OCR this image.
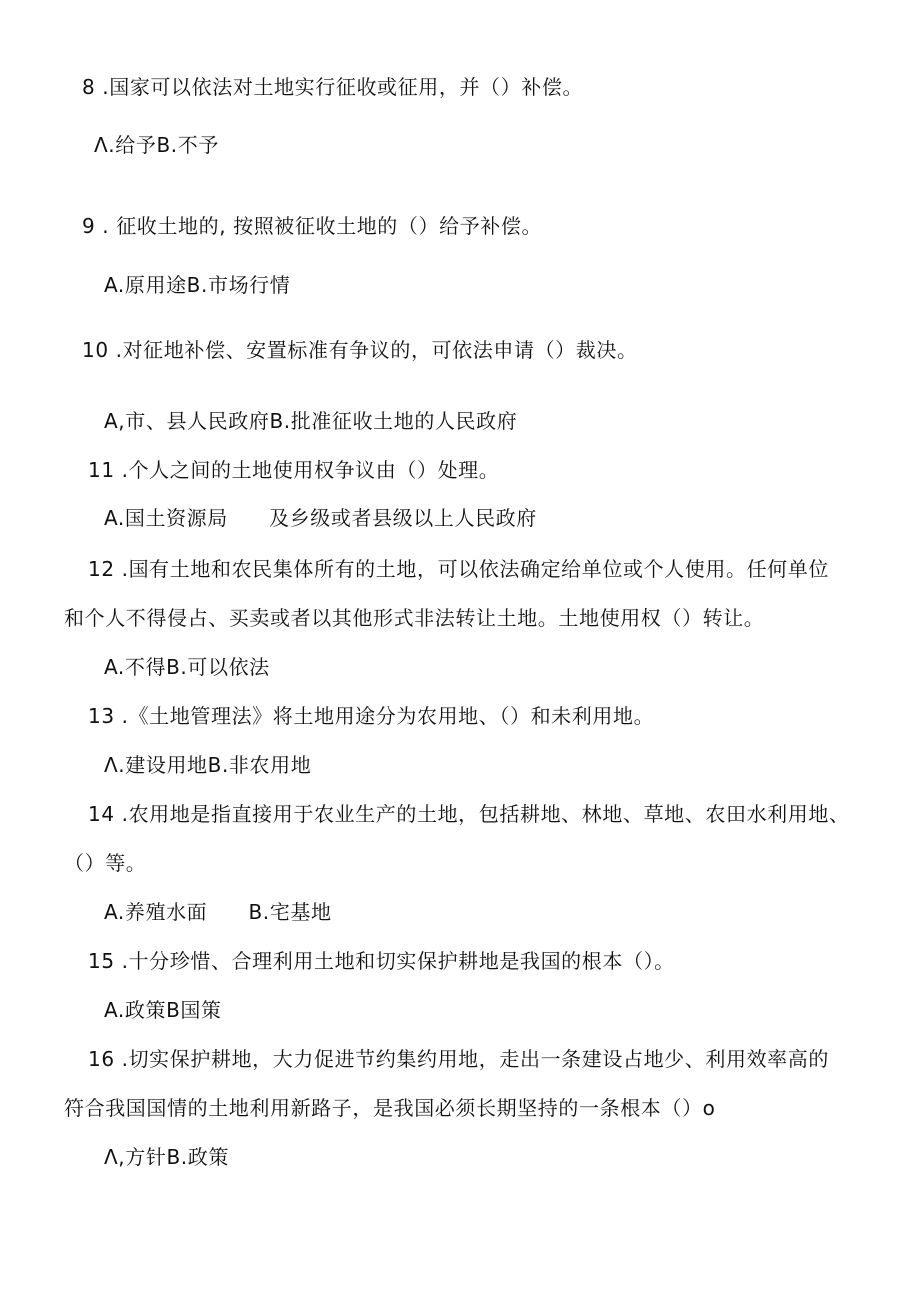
8 .国家可以依法对土地实行征收或征用，并（）补偿。
Λ.给予B.不予
9 . 征收土地的, 按照被征收土地的（）给予补偿。
A.原用途B.市场行情
10 .对征地补偿、安置标准有争议的，可依法申请（）裁决。
A,市、县人民政府B.批准征收土地的人民政府
11 .个人之间的土地使用权争议由（）处理。
A.国土资源局　　及乡级或者县级以上人民政府
12 .国有土地和农民集体所有的土地，可以依法确定给单位或个人使用。任何单位
和个人不得侵占、买卖或者以其他形式非法转让土地。土地使用权（）转让。
A.不得B.可以依法
13 .《土地管理法》将土地用途分为农用地、（）和未利用地。
Λ.建设用地B.非农用地
14 .农用地是指直接用于农业生产的土地，包括耕地、林地、草地、农田水利用地、
（）等。
A.养殖水面　　B.宅基地
15 .十分珍惜、合理利用土地和切实保护耕地是我国的根本（）。
A.政策B国策
16 .切实保护耕地，大力促进节约集约用地，走出一条建设占地少、利用效率高的
符合我国国情的土地利用新路子，是我国必须长期坚持的一条根本（）o
Λ,方针B.政策
